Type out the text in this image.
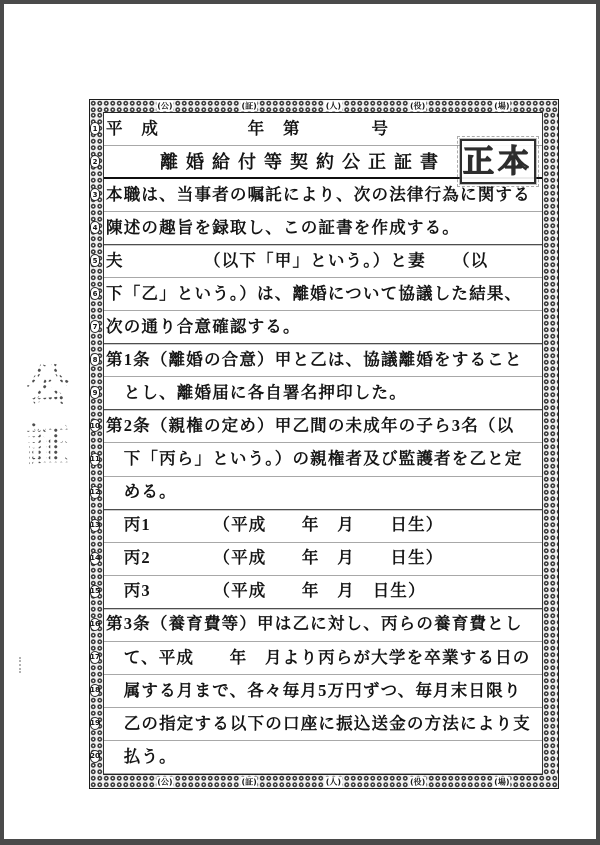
公
証
(公)	(証)	(人)	(役)	(場)
(公)	(証)	(人)	(役)	(場)
1
2
3
4
5
6
7
8
9
10
11
12
13
14
15
16
17
18
19
20
平　成　　　　　年　第　　　　号
離婚給付等契約公正証書
本職は、当事者の嘱託により、次の法律行為に関する
陳述の趣旨を録取し、この証書を作成する。
夫　　　　　（以下「甲」という。）と妻　　（以
下「乙」という。）は、離婚について協議した結果、
次の通り合意確認する。
第1条（離婚の合意）甲と乙は、協議離婚をすること
　とし、離婚届に各自署名押印した。
第2条（親権の定め）甲乙間の未成年の子ら3名（以
　下「丙ら」という。）の親権者及び監護者を乙と定
　める。
　丙1　　　　（平成　　年　月　　日生）
　丙2　　　　（平成　　年　月　　日生）
　丙3　　　　（平成　　年　月　日生）
第3条（養育費等）甲は乙に対し、丙らの養育費とし
　て、平成　　年　月より丙らが大学を卒業する日の
　属する月まで、各々毎月5万円ずつ、毎月末日限り
　乙の指定する以下の口座に振込送金の方法により支
　払う。
正本
